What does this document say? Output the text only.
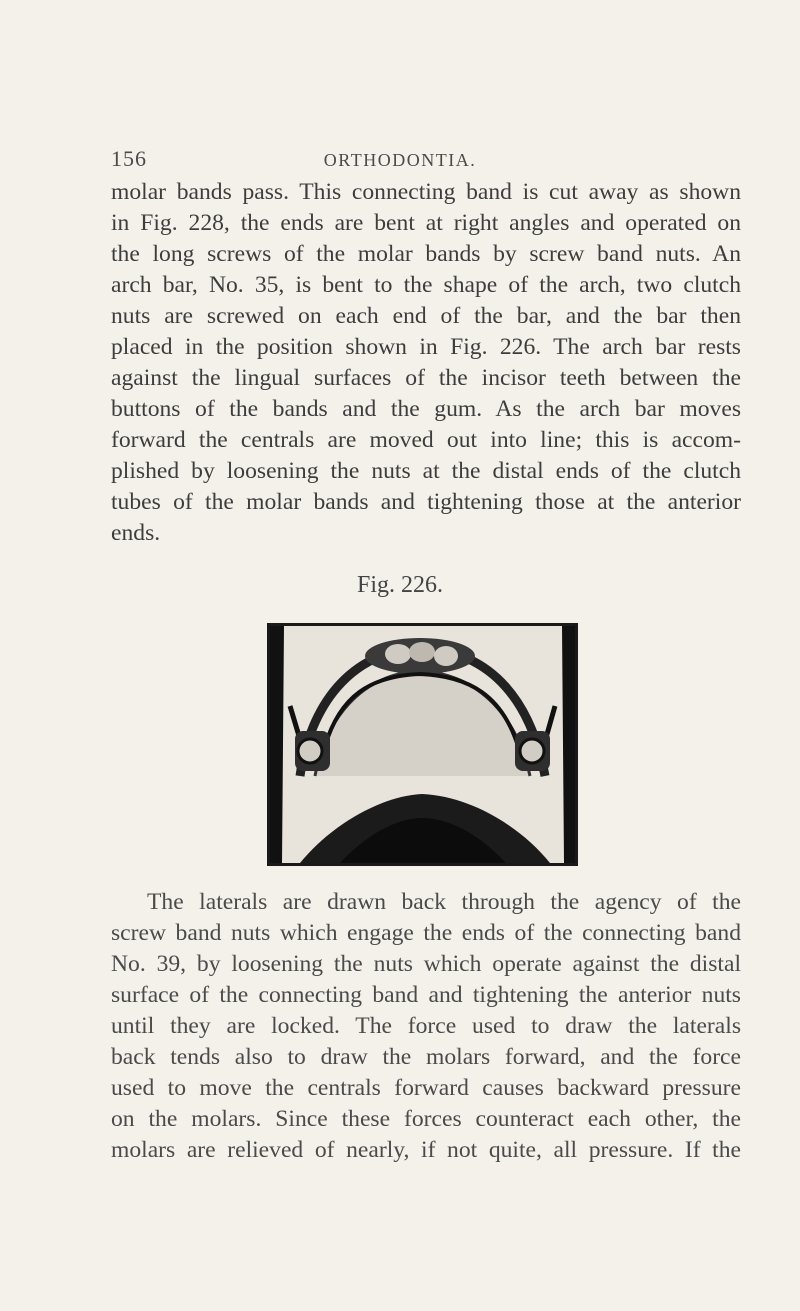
156	ORTHODONTIA.

molar bands pass. This connecting band is cut away as shown
in Fig. 228, the ends are bent at right angles and operated on
the long screws of the molar bands by screw band nuts. An
arch bar, No. 35, is bent to the shape of the arch, two clutch
nuts are screwed on each end of the bar, and the bar then
placed in the position shown in Fig. 226. The arch bar rests
against the lingual surfaces of the incisor teeth between the
buttons of the bands and the gum. As the arch bar moves
forward the centrals are moved out into line; this is accom-
plished by loosening the nuts at the distal ends of the clutch
tubes of the molar bands and tightening those at the anterior
ends.

Fig. 226.

The laterals are drawn back through the agency of the
screw band nuts which engage the ends of the connecting band
No. 39, by loosening the nuts which operate against the distal
surface of the connecting band and tightening the anterior nuts
until they are locked. The force used to draw the laterals
back tends also to draw the molars forward, and the force
used to move the centrals forward causes backward pressure
on the molars. Since these forces counteract each other, the
molars are relieved of nearly, if not quite, all pressure. If the
